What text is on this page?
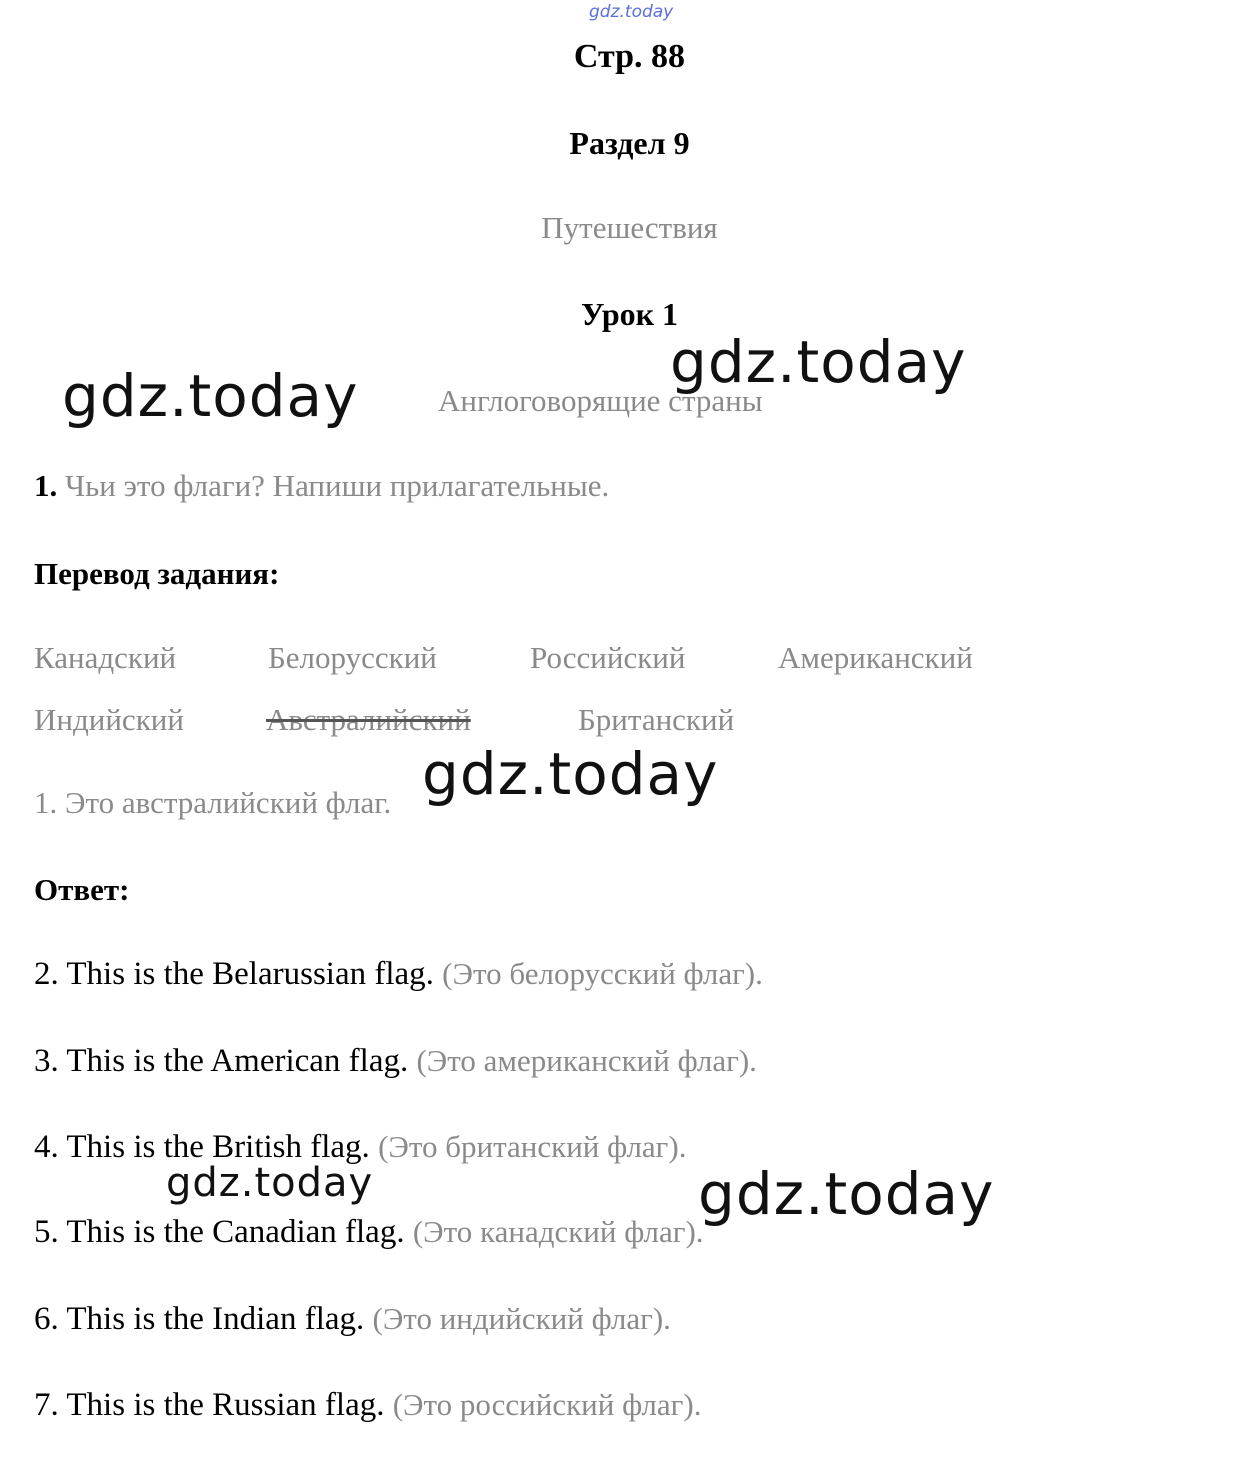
gdz.today
Стр. 88
Раздел 9
Путешествия
Урок 1
Англоговорящие страны
1. Чьи это флаги? Напиши прилагательные.
Перевод задания:
Канадский	Белорусский	Российский	Американский
Индийский	Австралийский	Британский
1. Это австралийский флаг.
Ответ:
2. This is the Belarussian flag. (Это белорусский флаг).
3. This is the American flag. (Это американский флаг).
4. This is the British flag. (Это британский флаг).
5. This is the Canadian flag. (Это канадский флаг).
6. This is the Indian flag. (Это индийский флаг).
7. This is the Russian flag. (Это российский флаг).
gdz.today	gdz.today
gdz.today
gdz.today	gdz.today
